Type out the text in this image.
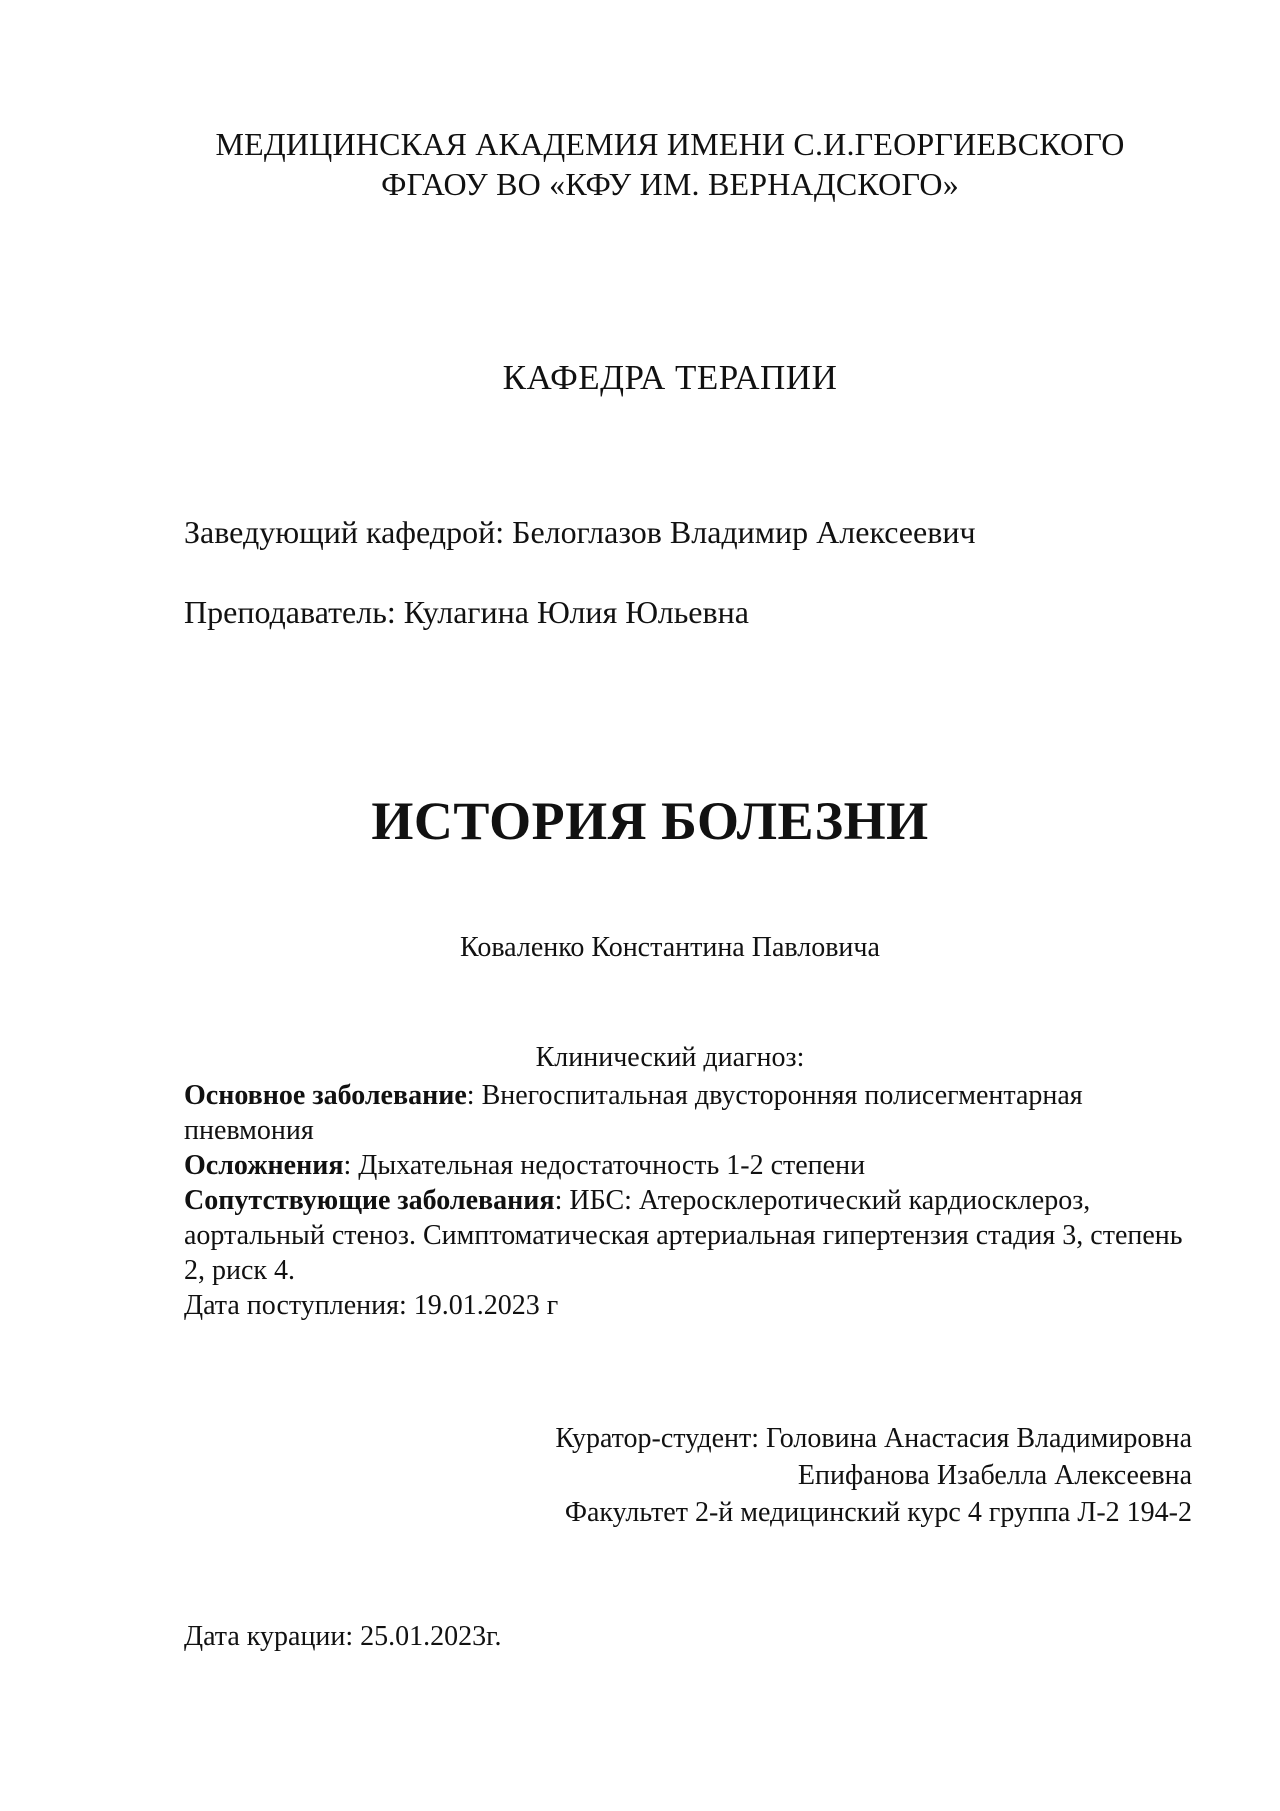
МЕДИЦИНСКАЯ АКАДЕМИЯ ИМЕНИ С.И.ГЕОРГИЕВСКОГО
ФГАОУ ВО «КФУ ИМ. ВЕРНАДСКОГО»
КАФЕДРА ТЕРАПИИ
Заведующий кафедрой: Белоглазов Владимир Алексеевич
Преподаватель: Кулагина Юлия Юльевна
ИСТОРИЯ БОЛЕЗНИ
Коваленко Константина Павловича
Клинический диагноз:

Основное заболевание: Внегоспитальная двусторонняя полисегментарная пневмония

Осложнения: Дыхательная недостаточность 1-2 степени

Сопутствующие заболевания: ИБС: Атеросклеротический кардиосклероз, аортальный стеноз. Симптоматическая артериальная гипертензия стадия 3, степень 2, риск 4.

Дата поступления: 19.01.2023 г

Куратор-студент: Головина Анастасия Владимировна
Епифанова Изабелла Алексеевна
Факультет 2-й медицинский курс 4 группа Л-2 194-2
Дата курации: 25.01.2023г.
